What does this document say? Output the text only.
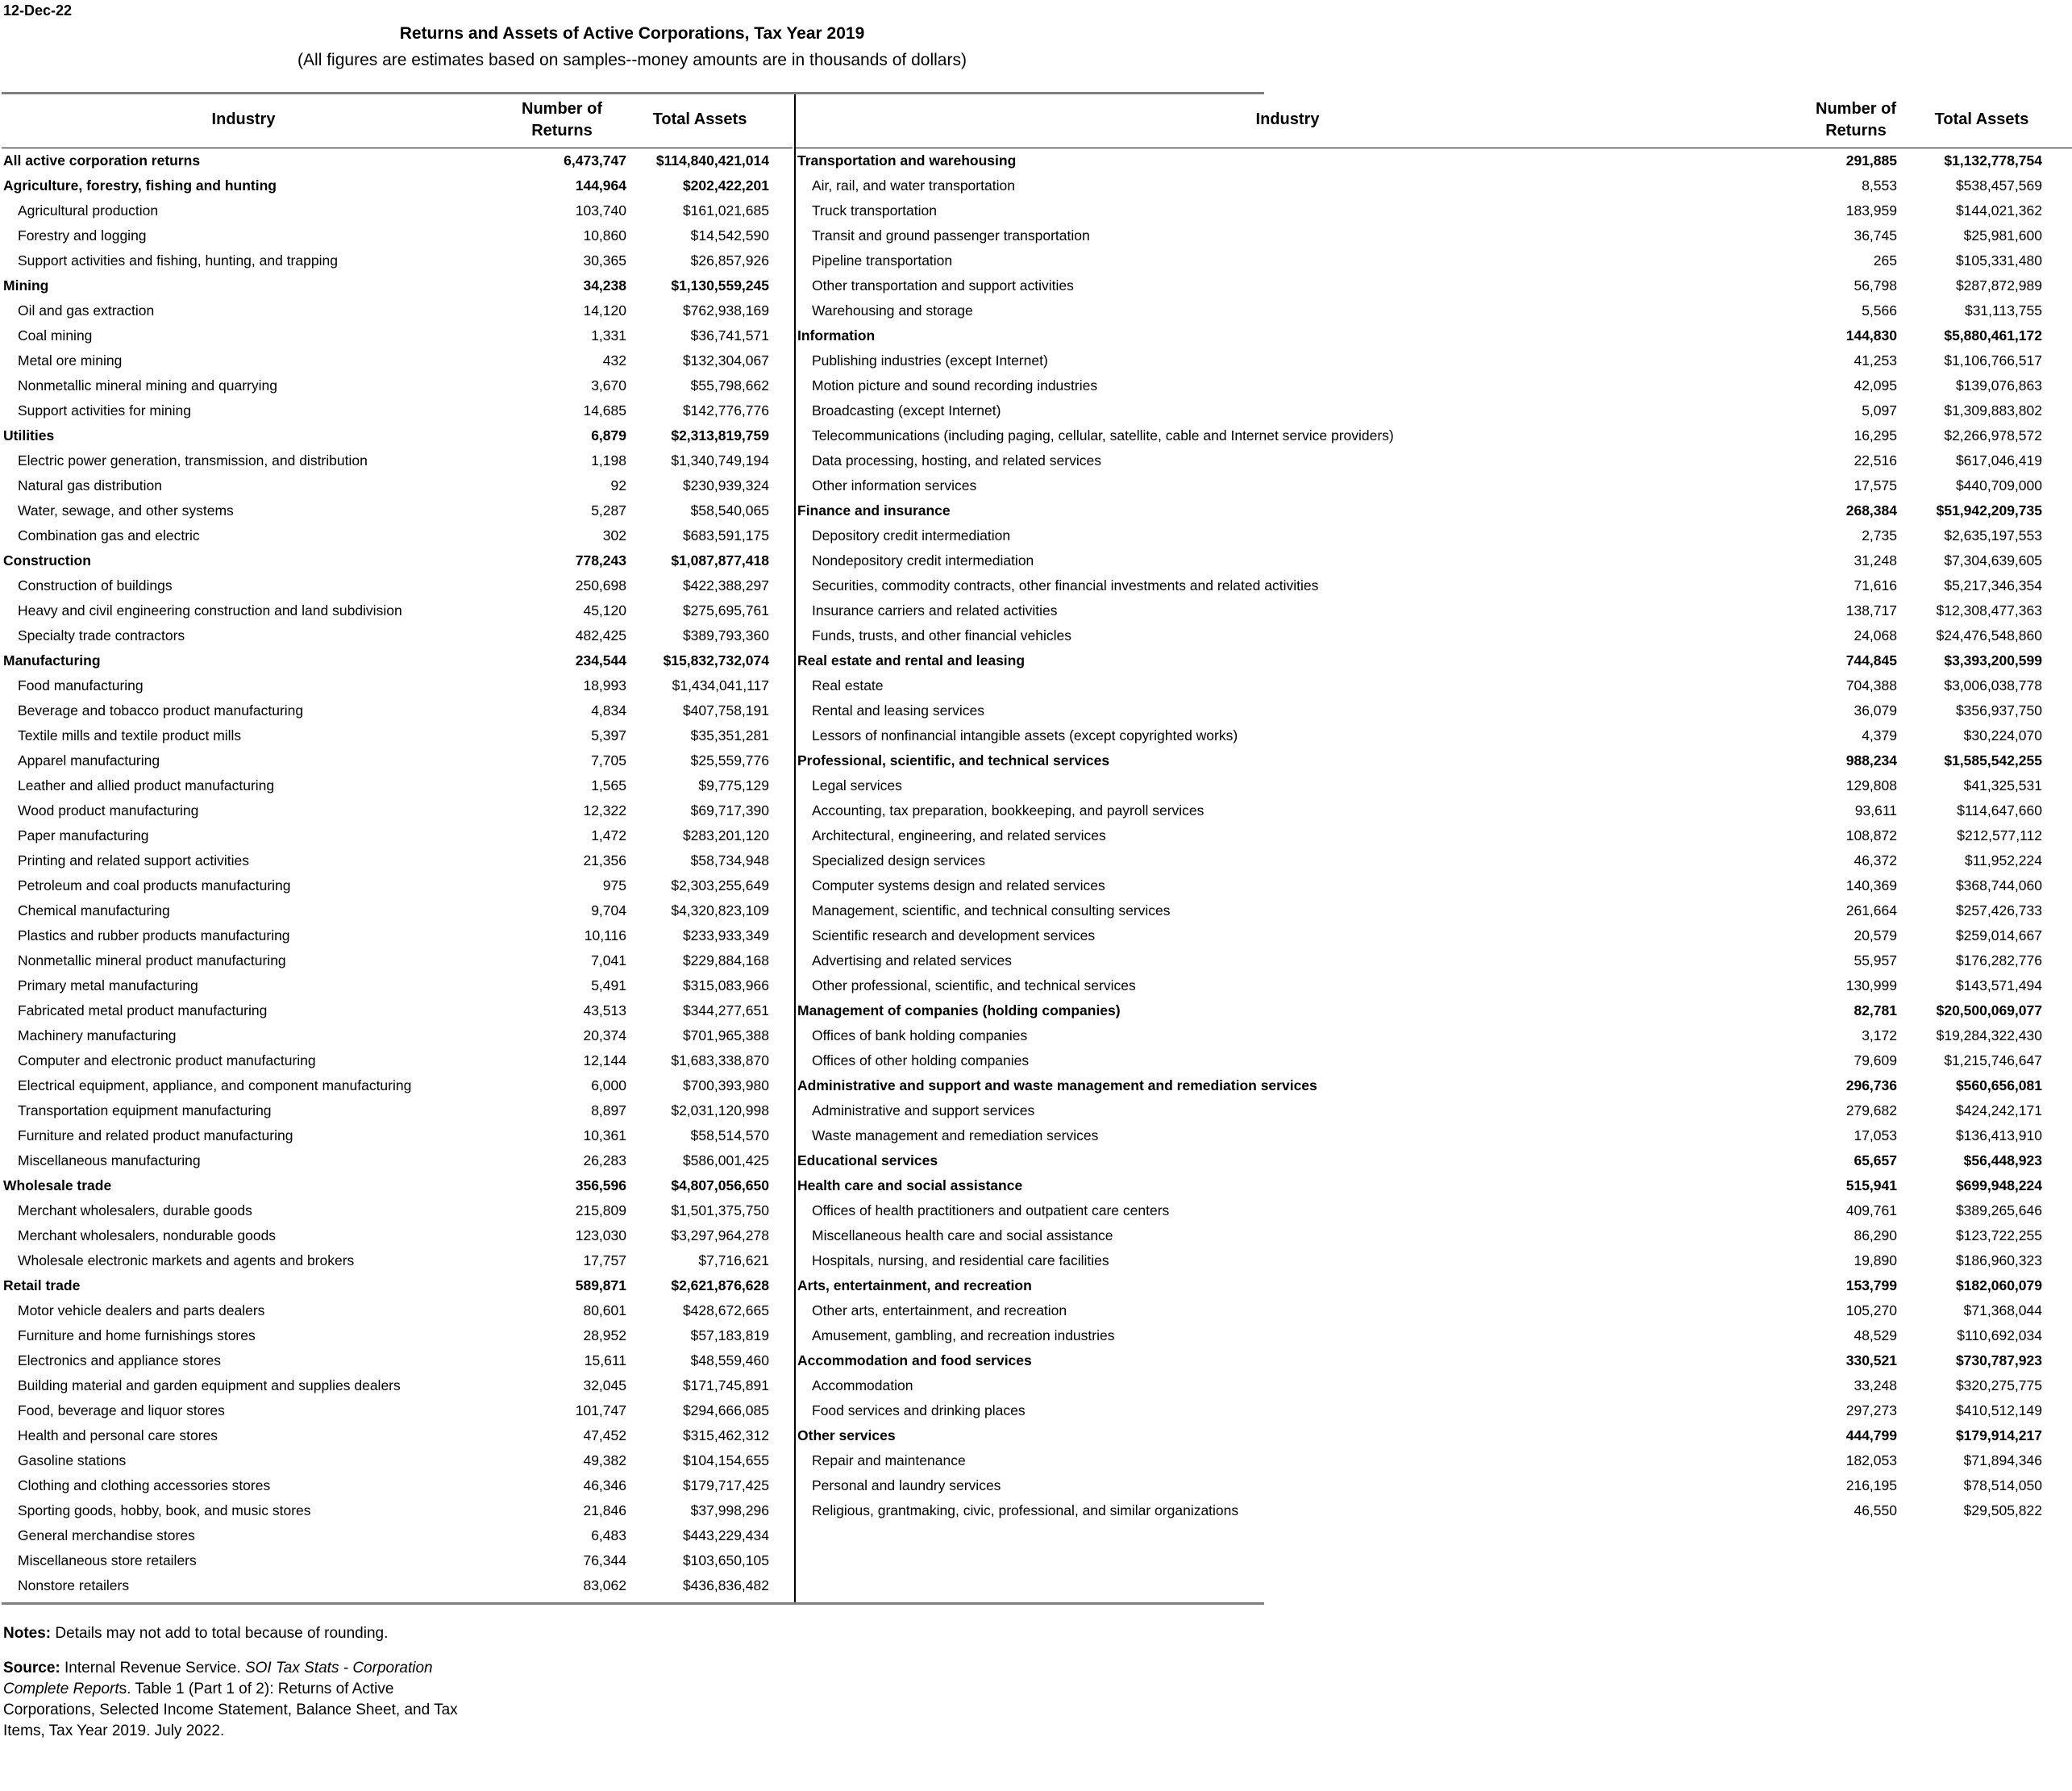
12-Dec-22
Returns and Assets of Active Corporations, Tax Year 2019
(All figures are estimates based on samples--money amounts are in thousands of dollars)
Industry
Number of
Returns
Total Assets
All active corporation returns	6,473,747	$114,840,421,014
Agriculture, forestry, fishing and hunting	144,964	$202,422,201
Agricultural production	103,740	$161,021,685
Forestry and logging	10,860	$14,542,590
Support activities and fishing, hunting, and trapping	30,365	$26,857,926
Mining	34,238	$1,130,559,245
Oil and gas extraction	14,120	$762,938,169
Coal mining	1,331	$36,741,571
Metal ore mining	432	$132,304,067
Nonmetallic mineral mining and quarrying	3,670	$55,798,662
Support activities for mining	14,685	$142,776,776
Utilities	6,879	$2,313,819,759
Electric power generation, transmission, and distribution	1,198	$1,340,749,194
Natural gas distribution	92	$230,939,324
Water, sewage, and other systems	5,287	$58,540,065
Combination gas and electric	302	$683,591,175
Construction	778,243	$1,087,877,418
Construction of buildings	250,698	$422,388,297
Heavy and civil engineering construction and land subdivision	45,120	$275,695,761
Specialty trade contractors	482,425	$389,793,360
Manufacturing	234,544	$15,832,732,074
Food manufacturing	18,993	$1,434,041,117
Beverage and tobacco product manufacturing	4,834	$407,758,191
Textile mills and textile product mills	5,397	$35,351,281
Apparel manufacturing	7,705	$25,559,776
Leather and allied product manufacturing	1,565	$9,775,129
Wood product manufacturing	12,322	$69,717,390
Paper manufacturing	1,472	$283,201,120
Printing and related support activities	21,356	$58,734,948
Petroleum and coal products manufacturing	975	$2,303,255,649
Chemical manufacturing	9,704	$4,320,823,109
Plastics and rubber products manufacturing	10,116	$233,933,349
Nonmetallic mineral product manufacturing	7,041	$229,884,168
Primary metal manufacturing	5,491	$315,083,966
Fabricated metal product manufacturing	43,513	$344,277,651
Machinery manufacturing	20,374	$701,965,388
Computer and electronic product manufacturing	12,144	$1,683,338,870
Electrical equipment, appliance, and component manufacturing	6,000	$700,393,980
Transportation equipment manufacturing	8,897	$2,031,120,998
Furniture and related product manufacturing	10,361	$58,514,570
Miscellaneous manufacturing	26,283	$586,001,425
Wholesale trade	356,596	$4,807,056,650
Merchant wholesalers, durable goods	215,809	$1,501,375,750
Merchant wholesalers, nondurable goods	123,030	$3,297,964,278
Wholesale electronic markets and agents and brokers	17,757	$7,716,621
Retail trade	589,871	$2,621,876,628
Motor vehicle dealers and parts dealers	80,601	$428,672,665
Furniture and home furnishings stores	28,952	$57,183,819
Electronics and appliance stores	15,611	$48,559,460
Building material and garden equipment and supplies dealers	32,045	$171,745,891
Food, beverage and liquor stores	101,747	$294,666,085
Health and personal care stores	47,452	$315,462,312
Gasoline stations	49,382	$104,154,655
Clothing and clothing accessories stores	46,346	$179,717,425
Sporting goods, hobby, book, and music stores	21,846	$37,998,296
General merchandise stores	6,483	$443,229,434
Miscellaneous store retailers	76,344	$103,650,105
Nonstore retailers	83,062	$436,836,482
Industry
Number of
Returns
Total Assets
Transportation and warehousing	291,885	$1,132,778,754
Air, rail, and water transportation	8,553	$538,457,569
Truck transportation	183,959	$144,021,362
Transit and ground passenger transportation	36,745	$25,981,600
Pipeline transportation	265	$105,331,480
Other transportation and support activities	56,798	$287,872,989
Warehousing and storage	5,566	$31,113,755
Information	144,830	$5,880,461,172
Publishing industries (except Internet)	41,253	$1,106,766,517
Motion picture and sound recording industries	42,095	$139,076,863
Broadcasting (except Internet)	5,097	$1,309,883,802
Telecommunications (including paging, cellular, satellite, cable and Internet service providers)	16,295	$2,266,978,572
Data processing, hosting, and related services	22,516	$617,046,419
Other information services	17,575	$440,709,000
Finance and insurance	268,384	$51,942,209,735
Depository credit intermediation	2,735	$2,635,197,553
Nondepository credit intermediation	31,248	$7,304,639,605
Securities, commodity contracts, other financial investments and related activities	71,616	$5,217,346,354
Insurance carriers and related activities	138,717	$12,308,477,363
Funds, trusts, and other financial vehicles	24,068	$24,476,548,860
Real estate and rental and leasing	744,845	$3,393,200,599
Real estate	704,388	$3,006,038,778
Rental and leasing services	36,079	$356,937,750
Lessors of nonfinancial intangible assets (except copyrighted works)	4,379	$30,224,070
Professional, scientific, and technical services	988,234	$1,585,542,255
Legal services	129,808	$41,325,531
Accounting, tax preparation, bookkeeping, and payroll services	93,611	$114,647,660
Architectural, engineering, and related services	108,872	$212,577,112
Specialized design services	46,372	$11,952,224
Computer systems design and related services	140,369	$368,744,060
Management, scientific, and technical consulting services	261,664	$257,426,733
Scientific research and development services	20,579	$259,014,667
Advertising and related services	55,957	$176,282,776
Other professional, scientific, and technical services	130,999	$143,571,494
Management of companies (holding companies)	82,781	$20,500,069,077
Offices of bank holding companies	3,172	$19,284,322,430
Offices of other holding companies	79,609	$1,215,746,647
Administrative and support and waste management and remediation services	296,736	$560,656,081
Administrative and support services	279,682	$424,242,171
Waste management and remediation services	17,053	$136,413,910
Educational services	65,657	$56,448,923
Health care and social assistance	515,941	$699,948,224
Offices of health practitioners and outpatient care centers	409,761	$389,265,646
Miscellaneous health care and social assistance	86,290	$123,722,255
Hospitals, nursing, and residential care facilities	19,890	$186,960,323
Arts, entertainment, and recreation	153,799	$182,060,079
Other arts, entertainment, and recreation	105,270	$71,368,044
Amusement, gambling, and recreation industries	48,529	$110,692,034
Accommodation and food services	330,521	$730,787,923
Accommodation	33,248	$320,275,775
Food services and drinking places	297,273	$410,512,149
Other services	444,799	$179,914,217
Repair and maintenance	182,053	$71,894,346
Personal and laundry services	216,195	$78,514,050
Religious, grantmaking, civic, professional, and similar organizations	46,550	$29,505,822
Notes: Details may not add to total because of rounding.
Source: Internal Revenue Service. SOI Tax Stats - Corporation Complete Reports. Table 1 (Part 1 of 2): Returns of Active Corporations, Selected Income Statement, Balance Sheet, and Tax Items, Tax Year 2019. July 2022.
